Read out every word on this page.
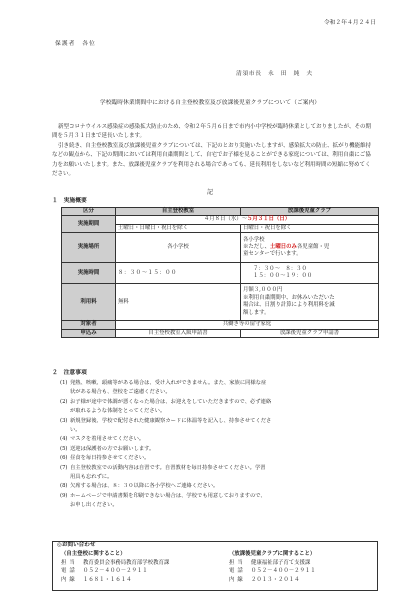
令和２年４月２４日
保護者　各位
清須市長　永　田　純　夫
学校臨時休業期間中における自主登校教室及び放課後児童クラブについて（ご案内）

新型コロナウイルス感染症の感染拡大防止のため、令和２年５月６日まで市内小中学校が臨時休業としておりましたが、その期間を５月３１日まで延長いたします。

引き続き、自主登校教室及び放課後児童クラブについては、下記のとおり実施いたしますが、感染拡大の防止、拡がり機能維持などの観点から、下記の期間においては利用自粛期間として、自宅でお子様を見ることができる家庭については、利用自粛にご協力をお願いいたします。また、放課後児童クラブを利用される場合であっても、延長利用をしないなど利用時間の短縮に努めてください。

記
１　実施概要
区分	自主登校教室	放課後児童クラブ
実施期間	４月８日（水）～５月３１日（日）	
	土曜日・日曜日・祝日を除く	日曜日・祝日を除く
実施場所	各小学校	各小学校
※ただし、土曜日のみ各児童館・児
童センターで行います。

実施時間	８：３０～１５：００	７：３０～　８：３０
１５：００～１９：００

利用料	無料	月額３,０００円
※利用自粛期間中、お休みいただいた
場合は、日割り計算により利用料を減
額します。

対象者	共働き等の留守家庭	
申込み	自主登校教室入級申請書	放課後児童クラブ申請書
２　注意事項
(1) 発熱、咳嗽、頭痛等がある場合は、受け入れができません。また、家族に同様な症
状がある場合も、登校をご遠慮ください。
(2) お子様が途中で体調が悪くなった場合は、お迎えをしていただきますので、必ず連絡
が取れるような体制をとってください。
(3) 新規登録後、学校で配付された健康観察カードに体温等を記入し、持参させてくださ
い。
(4) マスクを着用させてください。
(5) 送迎は保護者の方でお願いします。
(6) 昼食を毎日持参させてください。
(7) 自主登校教室での活動内容は自習です。自習教材を毎日持参させてください。学習
用具も忘れずに。
(8) 欠席する場合は、８：３０以降に各小学校へご連絡ください。
(9) ホームページで申請書類を印刷できない場合は、学校でも用意しておりますので、
お申し出ください。
◎お問い合わせ
（自主登校に関すること）
担当 教育委員会事務局教育部学校教育課
電話 ０５２－４００－２９１１
内線 １６８１・１６１４
（放課後児童クラブに関すること）
担当 健康福祉部子育て支援課
電話 ０５２－４００－２９１１
内線 ２０１３・２０１４
